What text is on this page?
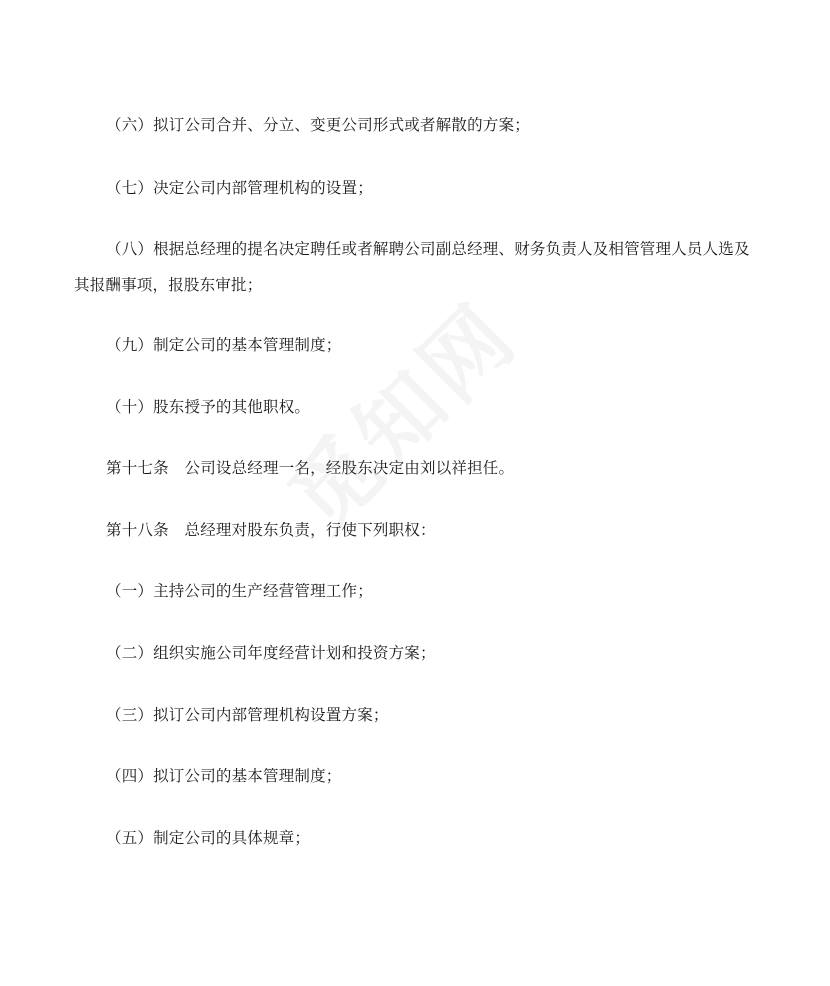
（六）拟订公司合并、分立、变更公司形式或者解散的方案；

（七）决定公司内部管理机构的设置；

（八）根据总经理的提名决定聘任或者解聘公司副总经理、财务负责人及相管管理人员人选及其报酬事项，报股东审批；

（九）制定公司的基本管理制度；

（十）股东授予的其他职权。

第十七条　公司设总经理一名，经股东决定由刘以祥担任。

第十八条　总经理对股东负责，行使下列职权：

（一）主持公司的生产经营管理工作；

（二）组织实施公司年度经营计划和投资方案；

（三）拟订公司内部管理机构设置方案；

（四）拟订公司的基本管理制度；

（五）制定公司的具体规章；
